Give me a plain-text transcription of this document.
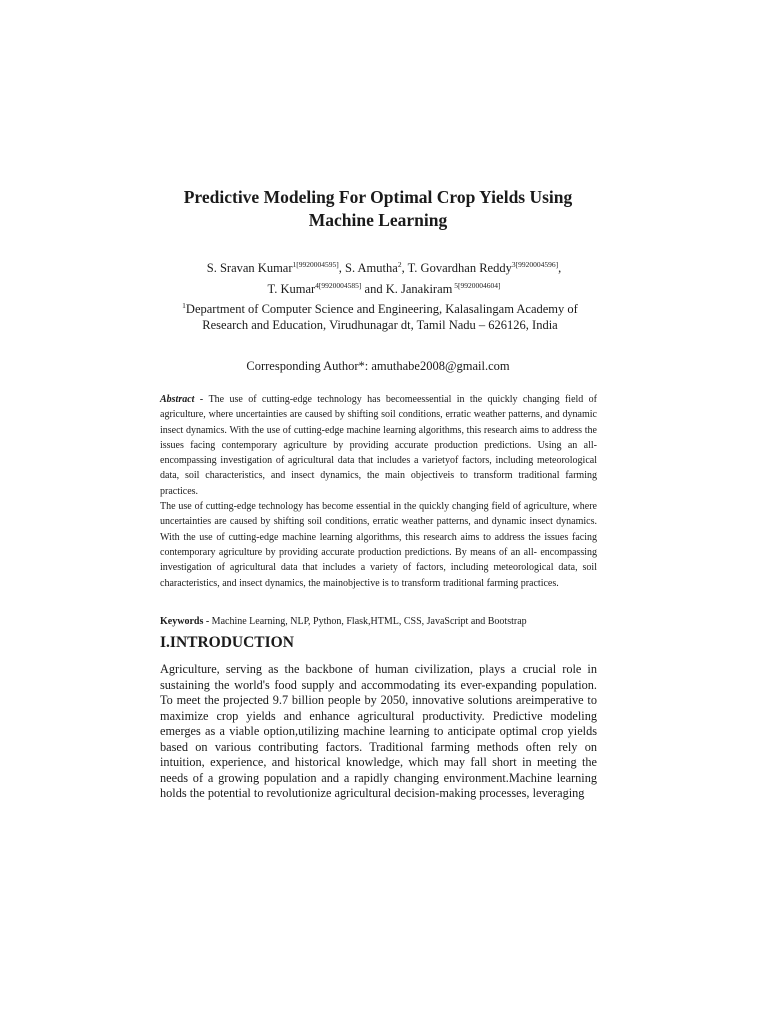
Predictive Modeling For Optimal Crop Yields Using
Machine Learning
S. Sravan Kumar$^{1[9920004595]}$, S. Amutha$^2$, T. Govardhan Reddy$^{3[9920004596]}$,
T. Kumar$^{4[9920004585]}$ and K. Janakiram $^{5[9920004604]}$
$^1$Department of Computer Science and Engineering, Kalasalingam Academy of Research and Education, Virudhunagar dt, Tamil Nadu – 626126, India
Corresponding Author*: amuthabe2008@gmail.com

Abstract - The use of cutting-edge technology has becomeessential in the quickly changing field of agriculture, where uncertainties are caused by shifting soil conditions, erratic weather patterns, and dynamic insect dynamics. With the use of cutting-edge machine learning algorithms, this research aims to address the issues facing contemporary agriculture by providing accurate production predictions. Using an all-encompassing investigation of agricultural data that includes a varietyof factors, including meteorological data, soil characteristics, and insect dynamics, the main objectiveis to transform traditional farming practices.

The use of cutting-edge technology has become essential in the quickly changing field of agriculture, where uncertainties are caused by shifting soil conditions, erratic weather patterns, and dynamic insect dynamics. With the use of cutting-edge machine learning algorithms, this research aims to address the issues facing contemporary agriculture by providing accurate production predictions. By means of an all- encompassing investigation of agricultural data that includes a variety of factors, including meteorological data, soil characteristics, and insect dynamics, the mainobjective is to transform traditional farming practices.

Keywords - Machine Learning, NLP, Python, Flask,HTML, CSS, JavaScript and Bootstrap
I.INTRODUCTION

Agriculture, serving as the backbone of human civilization, plays a crucial role in sustaining the world's food supply and accommodating its ever-expanding population. To meet the projected 9.7 billion people by 2050, innovative solutions areimperative to maximize crop yields and enhance agricultural productivity. Predictive modeling emerges as a viable option,utilizing machine learning to anticipate optimal crop yields based on various contributing factors. Traditional farming methods often rely on intuition, experience, and historical knowledge, which may fall short in meeting the needs of a growing population and a rapidly changing environment.Machine learning holds the potential to revolutionize agricultural decision-making processes, leveraging
